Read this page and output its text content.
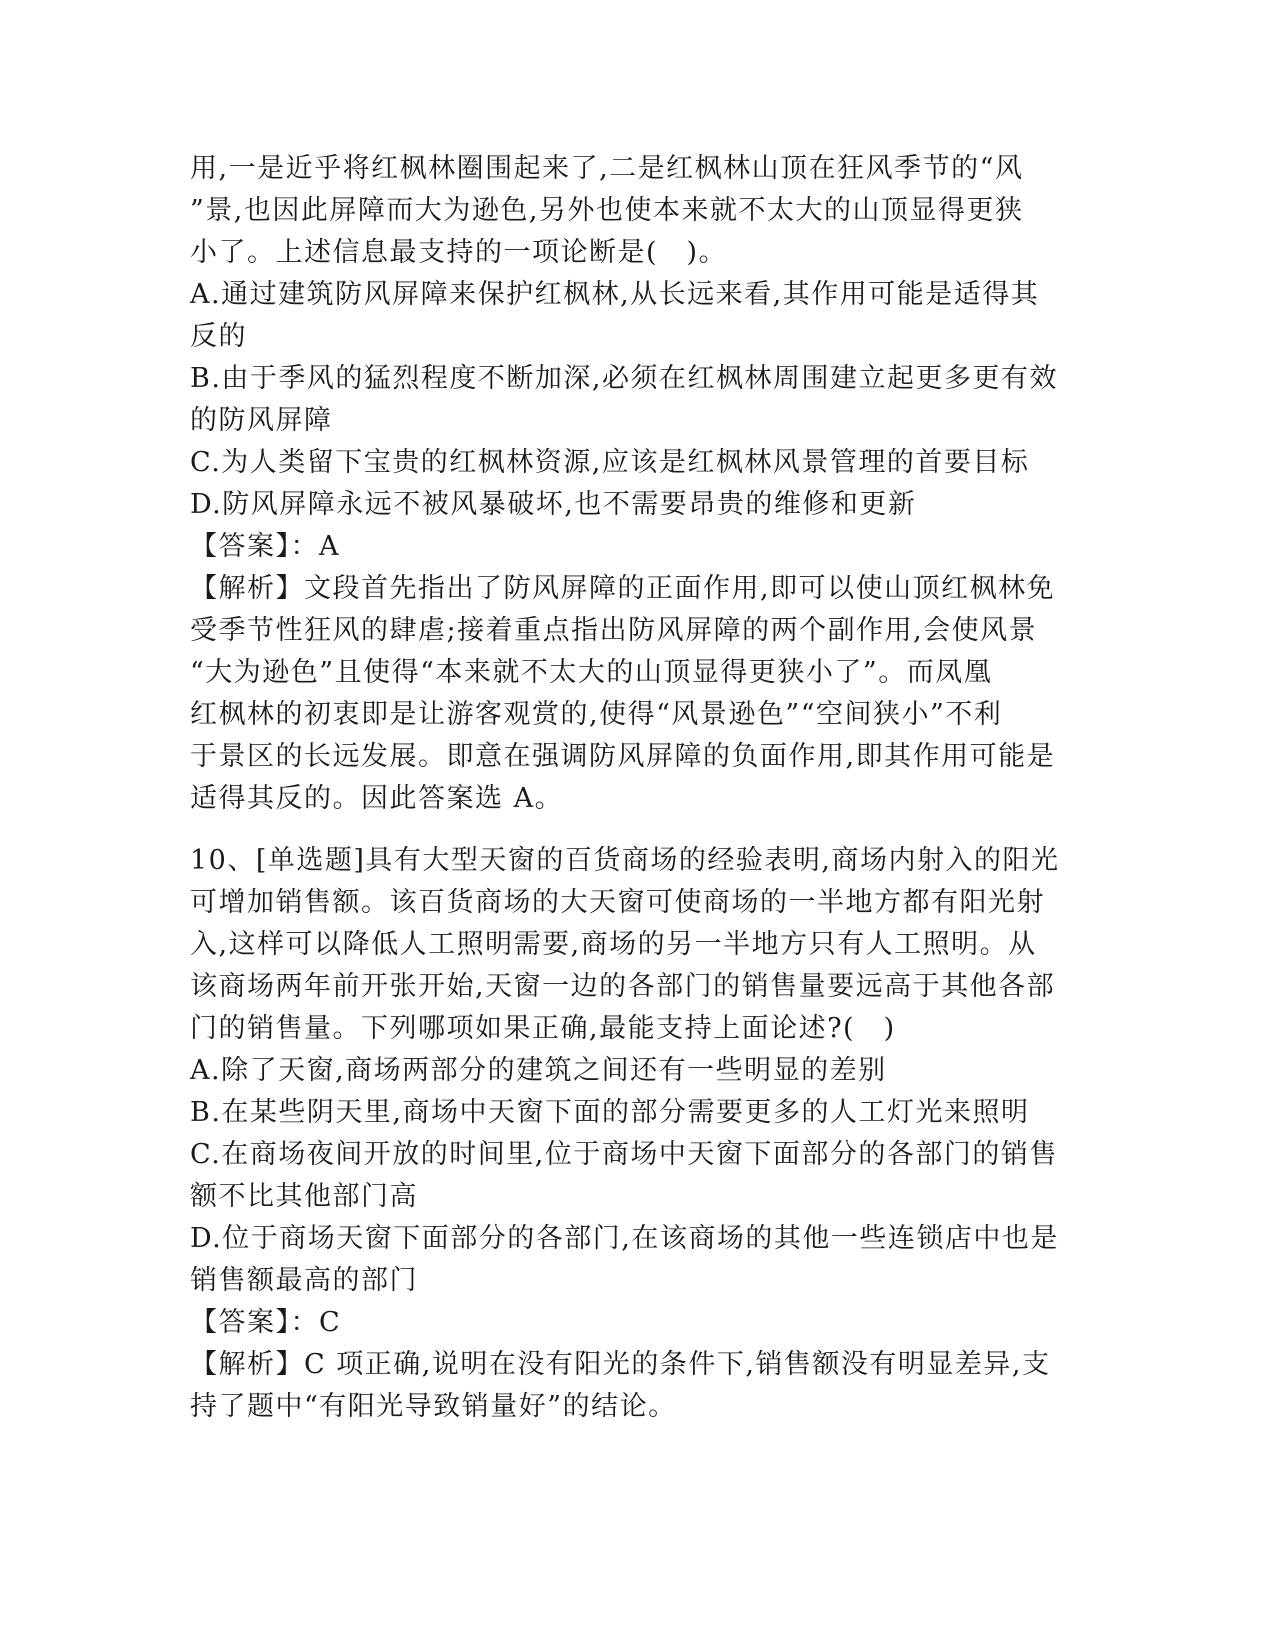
用,一是近乎将红枫林圈围起来了,二是红枫林山顶在狂风季节的“风
”景,也因此屏障而大为逊色,另外也使本来就不太大的山顶显得更狭
小了。上述信息最支持的一项论断是(　)。
A.通过建筑防风屏障来保护红枫林,从长远来看,其作用可能是适得其
反的
B.由于季风的猛烈程度不断加深,必须在红枫林周围建立起更多更有效
的防风屏障
C.为人类留下宝贵的红枫林资源,应该是红枫林风景管理的首要目标
D.防风屏障永远不被风暴破坏,也不需要昂贵的维修和更新
【答案】：A
【解析】文段首先指出了防风屏障的正面作用,即可以使山顶红枫林免
受季节性狂风的肆虐;接着重点指出防风屏障的两个副作用,会使风景
“大为逊色”且使得“本来就不太大的山顶显得更狭小了”。而凤凰
红枫林的初衷即是让游客观赏的,使得“风景逊色”“空间狭小”不利
于景区的长远发展。即意在强调防风屏障的负面作用,即其作用可能是
适得其反的。因此答案选 A。
10、[单选题]具有大型天窗的百货商场的经验表明,商场内射入的阳光
可增加销售额。该百货商场的大天窗可使商场的一半地方都有阳光射
入,这样可以降低人工照明需要,商场的另一半地方只有人工照明。从
该商场两年前开张开始,天窗一边的各部门的销售量要远高于其他各部
门的销售量。下列哪项如果正确,最能支持上面论述?(　)
A.除了天窗,商场两部分的建筑之间还有一些明显的差别
B.在某些阴天里,商场中天窗下面的部分需要更多的人工灯光来照明
C.在商场夜间开放的时间里,位于商场中天窗下面部分的各部门的销售
额不比其他部门高
D.位于商场天窗下面部分的各部门,在该商场的其他一些连锁店中也是
销售额最高的部门
【答案】：C
【解析】C 项正确,说明在没有阳光的条件下,销售额没有明显差异,支
持了题中“有阳光导致销量好”的结论。
